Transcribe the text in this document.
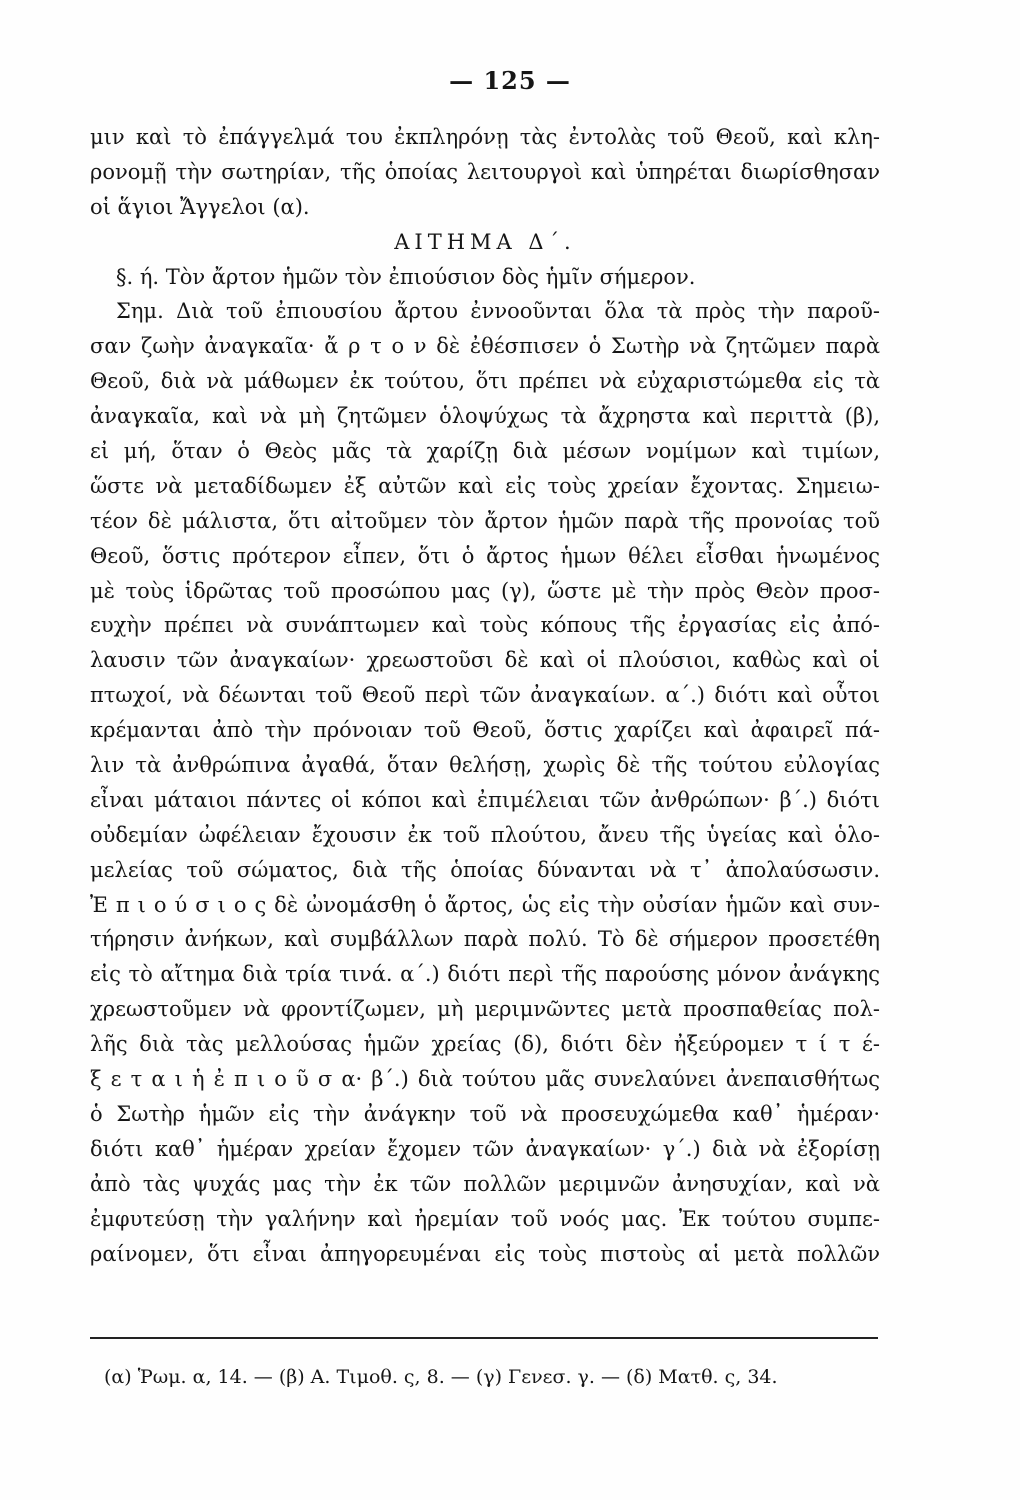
— 125 —
μιν καὶ τὸ ἐπάγγελμά του ἐκπληρόνῃ τὰς ἐντολὰς τοῦ Θεοῦ, καὶ κλη-
ρονομῇ τὴν σωτηρίαν, τῆς ὁποίας λειτουργοὶ καὶ ὑπηρέται διωρίσθησαν
οἱ ἅγιοι Ἄγγελοι (α).
ΑΙΤΗΜΑ Δ΄.
§. ή. Τὸν ἄρτον ἡμῶν τὸν ἐπιούσιον δὸς ἡμῖν σήμερον.
Σημ. Διὰ τοῦ ἐπιουσίου ἄρτου ἐννοοῦνται ὅλα τὰ πρὸς τὴν παροῦ-
σαν ζωὴν ἀναγκαῖα· ἄ ρ τ ο ν δὲ ἐθέσπισεν ὁ Σωτὴρ νὰ ζητῶμεν παρὰ
Θεοῦ, διὰ νὰ μάθωμεν ἐκ τούτου, ὅτι πρέπει νὰ εὐχαριστώμεθα εἰς τὰ
ἀναγκαῖα, καὶ νὰ μὴ ζητῶμεν ὁλοψύχως τὰ ἄχρηστα καὶ περιττὰ (β),
εἰ μή, ὅταν ὁ Θεὸς μᾶς τὰ χαρίζῃ διὰ μέσων νομίμων καὶ τιμίων,
ὥστε νὰ μεταδίδωμεν ἐξ αὐτῶν καὶ εἰς τοὺς χρείαν ἔχοντας. Σημειω-
τέον δὲ μάλιστα, ὅτι αἰτοῦμεν τὸν ἄρτον ἡμῶν παρὰ τῆς προνοίας τοῦ
Θεοῦ, ὅστις πρότερον εἶπεν, ὅτι ὁ ἄρτος ἡμων θέλει εἶσθαι ἡνωμένος
μὲ τοὺς ἱδρῶτας τοῦ προσώπου μας (γ), ὥστε μὲ τὴν πρὸς Θεὸν προσ-
ευχὴν πρέπει νὰ συνάπτωμεν καὶ τοὺς κόπους τῆς ἐργασίας εἰς ἀπό-
λαυσιν τῶν ἀναγκαίων· χρεωστοῦσι δὲ καὶ οἱ πλούσιοι, καθὼς καὶ οἱ
πτωχοί, νὰ δέωνται τοῦ Θεοῦ περὶ τῶν ἀναγκαίων. α΄.) διότι καὶ οὗτοι
κρέμανται ἀπὸ τὴν πρόνοιαν τοῦ Θεοῦ, ὅστις χαρίζει καὶ ἀφαιρεῖ πά-
λιν τὰ ἀνθρώπινα ἀγαθά, ὅταν θελήσῃ, χωρὶς δὲ τῆς τούτου εὐλογίας
εἶναι μάταιοι πάντες οἱ κόποι καὶ ἐπιμέλειαι τῶν ἀνθρώπων· β΄.) διότι
οὐδεμίαν ὠφέλειαν ἔχουσιν ἐκ τοῦ πλούτου, ἄνευ τῆς ὑγείας καὶ ὁλο-
μελείας τοῦ σώματος, διὰ τῆς ὁποίας δύνανται νὰ τ᾽ ἀπολαύσωσιν.
Ἐ π ι ο ύ σ ι ο ς δὲ ὠνομάσθη ὁ ἄρτος, ὡς εἰς τὴν οὐσίαν ἡμῶν καὶ συν-
τήρησιν ἀνήκων, καὶ συμβάλλων παρὰ πολύ. Τὸ δὲ σήμερον προσετέθη
εἰς τὸ αἴτημα διὰ τρία τινά. α΄.) διότι περὶ τῆς παρούσης μόνον ἀνάγκης
χρεωστοῦμεν νὰ φροντίζωμεν, μὴ μεριμνῶντες μετὰ προσπαθείας πολ-
λῆς διὰ τὰς μελλούσας ἡμῶν χρείας (δ), διότι δὲν ἠξεύρομεν τ ί τ έ-
ξ ε τ α ι ἡ ἐ π ι ο ῦ σ α· β΄.) διὰ τούτου μᾶς συνελαύνει ἀνεπαισθήτως
ὁ Σωτὴρ ἡμῶν εἰς τὴν ἀνάγκην τοῦ νὰ προσευχώμεθα καθ᾽ ἡμέραν·
διότι καθ᾽ ἡμέραν χρείαν ἔχομεν τῶν ἀναγκαίων· γ΄.) διὰ νὰ ἐξορίσῃ
ἀπὸ τὰς ψυχάς μας τὴν ἐκ τῶν πολλῶν μεριμνῶν ἀνησυχίαν, καὶ νὰ
ἐμφυτεύσῃ τὴν γαλήνην καὶ ἠρεμίαν τοῦ νοός μας. Ἐκ τούτου συμπε-
ραίνομεν, ὅτι εἶναι ἀπηγορευμέναι εἰς τοὺς πιστοὺς αἱ μετὰ πολλῶν
(α) Ῥωμ. α, 14. — (β) Α. Τιμοθ. ς, 8. — (γ) Γενεσ. γ. — (δ) Ματθ. ς, 34.
